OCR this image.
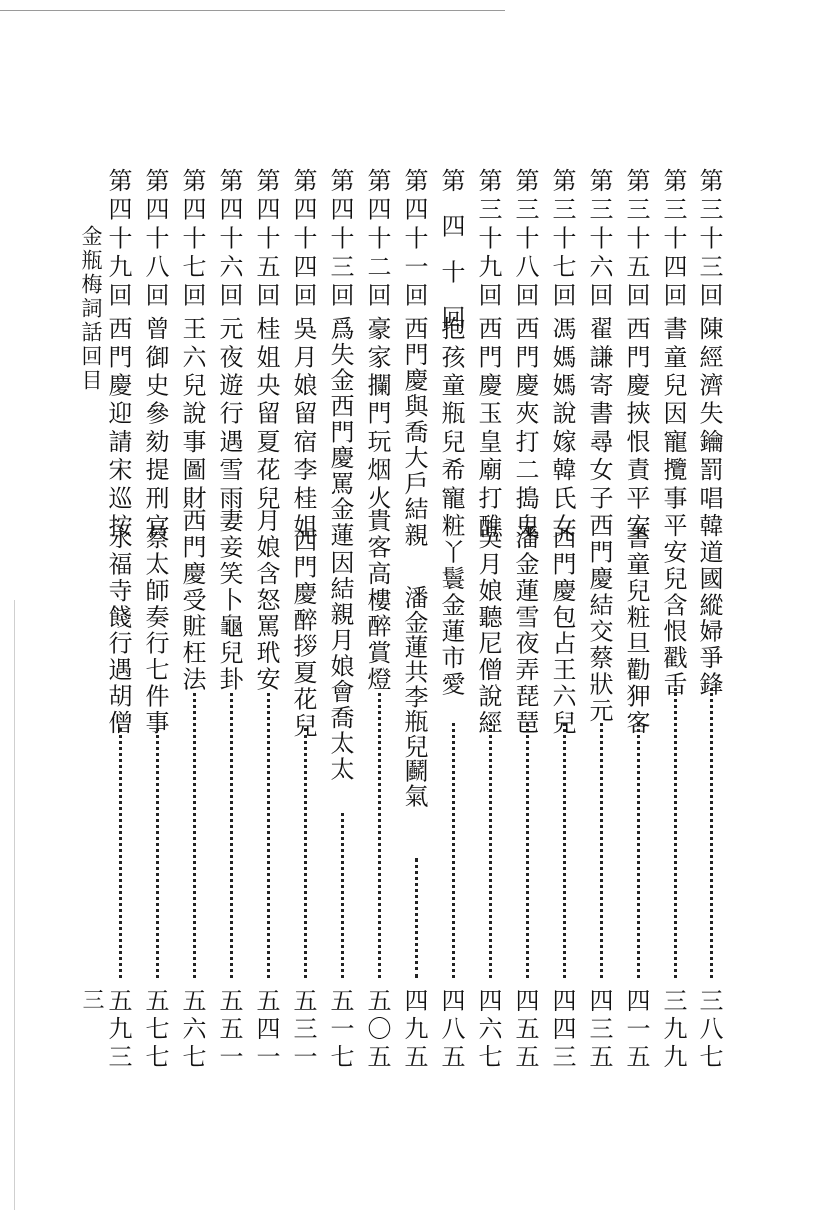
金瓶梅詞話回目
三
第三十三回
陳經濟失鑰罰唱
韓道國縱婦爭鋒
三八七
第三十四回
書童兒因寵攬事
平安兒含恨戳舌
三九九
第三十五回
西門慶挾恨責平安
書童兒粧旦勸狎客
四一五
第三十六回
翟謙寄書尋女子
西門慶結交蔡狀元
四三五
第三十七回
馮媽媽說嫁韓氏女
西門慶包占王六兒
四四三
第三十八回
西門慶夾打二搗鬼
潘金蓮雪夜弄琵琶
四五五
第三十九回
西門慶玉皇廟打醮
吳月娘聽尼僧說經
四六七
第 四 十 回
抱孩童瓶兒希寵
粧丫鬟金蓮市愛
四八五
第四十一回
西門慶與喬大戶結親
潘金蓮共李瓶兒鬬氣
四九五
第四十二回
豪家攔門玩烟火
貴客高樓醉賞燈
五〇五
第四十三回
爲失金西門慶罵金蓮
因結親月娘會喬太太
五一七
第四十四回
吳月娘留宿李桂姐
西門慶醉拶夏花兒
五三一
第四十五回
桂姐央留夏花兒
月娘含怒罵玳安
五四一
第四十六回
元夜遊行遇雪雨
妻妾笑卜龜兒卦
五五一
第四十七回
王六兒說事圖財
西門慶受賍枉法
五六七
第四十八回
曾御史參劾提刑官
蔡太師奏行七件事
五七七
第四十九回
西門慶迎請宋巡按
永福寺餞行遇胡僧
五九三
